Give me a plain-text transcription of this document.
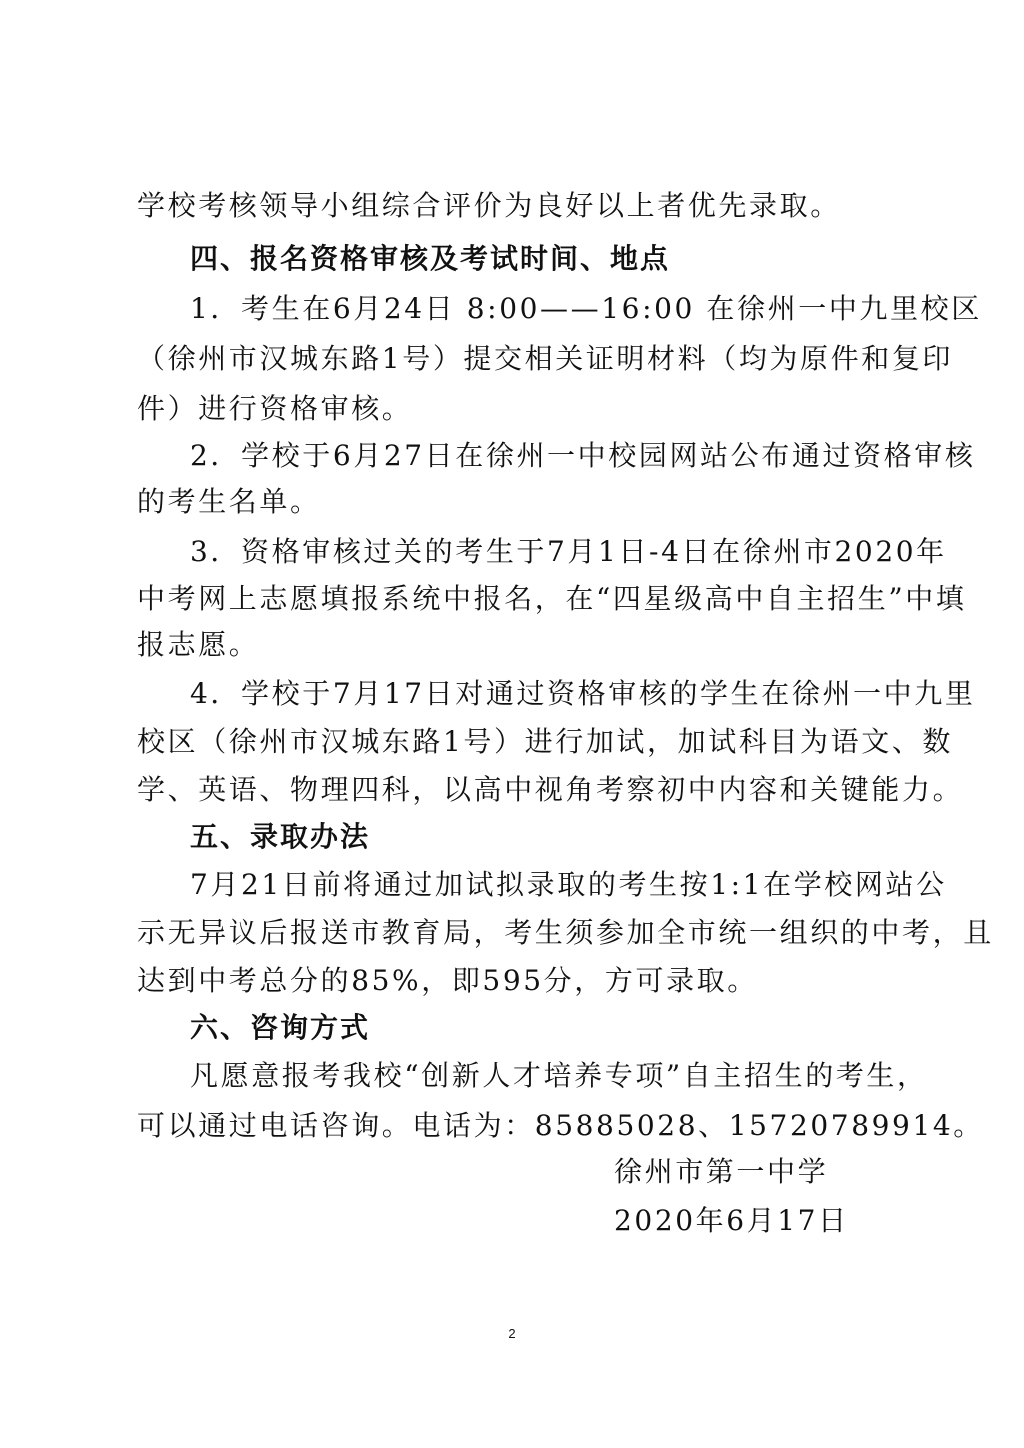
学校考核领导小组综合评价为良好以上者优先录取。
四、报名资格审核及考试时间、地点
1．考生在6月24日 8:00——16:00 在徐州一中九里校区
（徐州市汉城东路1号）提交相关证明材料（均为原件和复印
件）进行资格审核。
2．学校于6月27日在徐州一中校园网站公布通过资格审核
的考生名单。
3．资格审核过关的考生于7月1日-4日在徐州市2020年
中考网上志愿填报系统中报名，在“四星级高中自主招生”中填
报志愿。
4．学校于7月17日对通过资格审核的学生在徐州一中九里
校区（徐州市汉城东路1号）进行加试，加试科目为语文、数
学、英语、物理四科，以高中视角考察初中内容和关键能力。
五、录取办法
7月21日前将通过加试拟录取的考生按1:1在学校网站公
示无异议后报送市教育局，考生须参加全市统一组织的中考，且
达到中考总分的85%，即595分，方可录取。
六、咨询方式
凡愿意报考我校“创新人才培养专项”自主招生的考生，
可以通过电话咨询。电话为：85885028、15720789914。
徐州市第一中学
2020年6月17日
2
